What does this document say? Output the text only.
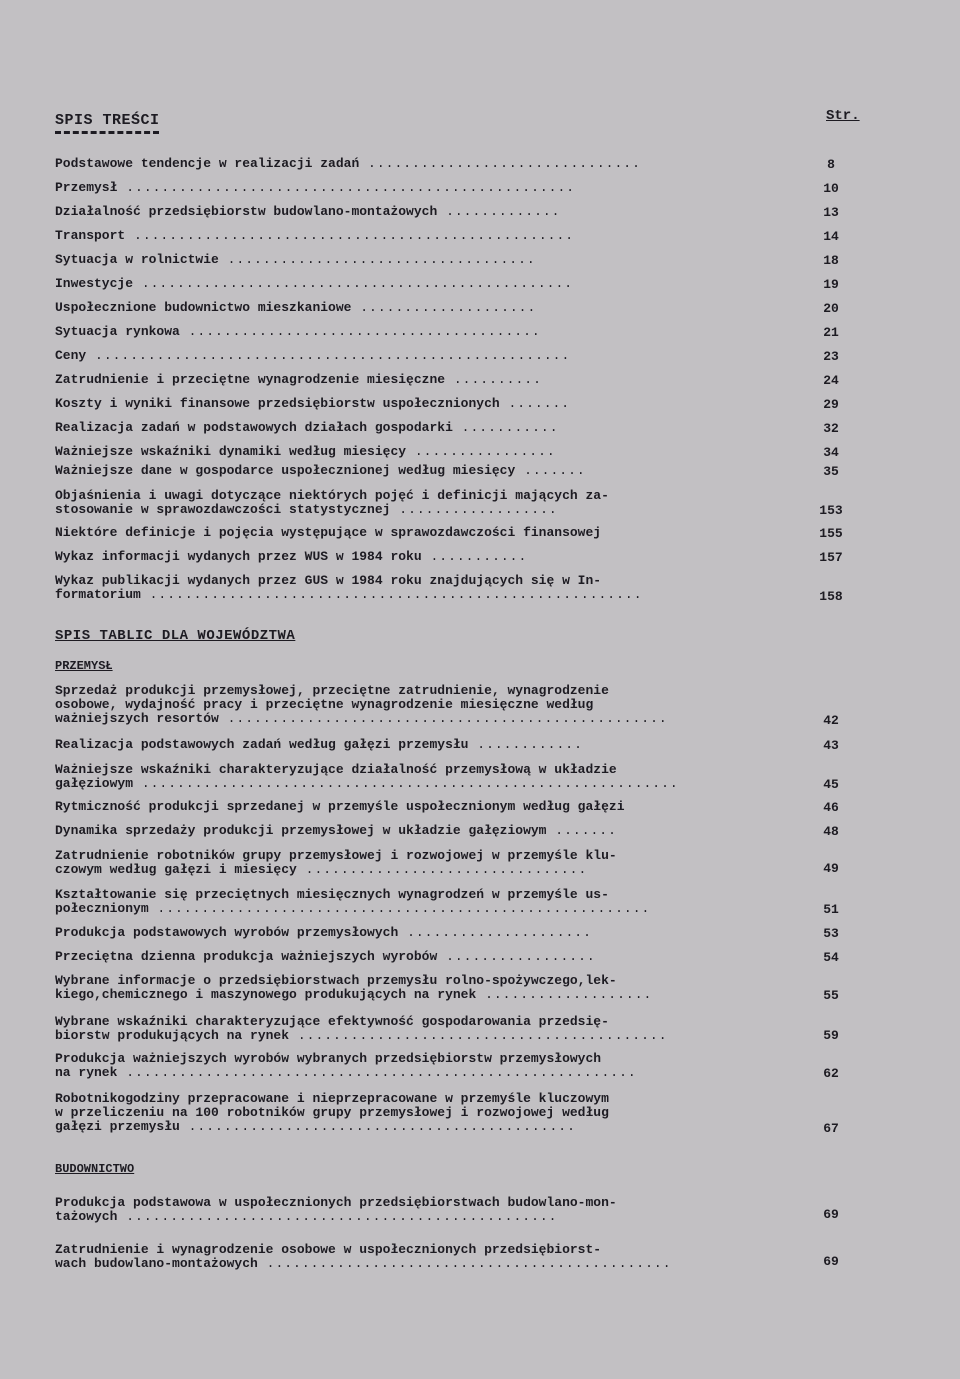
SPIS TREŚCI	Str.
Podstawowe tendencje w realizacji zadań ...............................	8
Przemysł ...................................................	10
Działalność przedsiębiorstw budowlano-montażowych .............	13
Transport ..................................................	14
Sytuacja w rolnictwie ...................................	18
Inwestycje .................................................	19
Uspołecznione budownictwo mieszkaniowe ....................	20
Sytuacja rynkowa ........................................	21
Ceny ......................................................	23
Zatrudnienie i przeciętne wynagrodzenie miesięczne ..........	24
Koszty i wyniki finansowe przedsiębiorstw uspołecznionych .......	29
Realizacja zadań w podstawowych działach gospodarki ...........	32
Ważniejsze wskaźniki dynamiki według miesięcy ................	34
Ważniejsze dane w gospodarce uspołecznionej według miesięcy .......	35
Objaśnienia i uwagi dotyczące niektórych pojęć i definicji mających za-
stosowanie w sprawozdawczości statystycznej ..................	153
Niektóre definicje i pojęcia występujące w sprawozdawczości finansowej	155
Wykaz informacji wydanych przez WUS w 1984 roku ...........	157
Wykaz publikacji wydanych przez GUS w 1984 roku znajdujących się w In-
formatorium ........................................................	158
SPIS TABLIC DLA WOJEWÓDZTWA
PRZEMYSŁ
Sprzedaż produkcji przemysłowej, przeciętne zatrudnienie, wynagrodzenie
osobowe, wydajność pracy i przeciętne wynagrodzenie miesięczne według
ważniejszych resortów ..................................................	42
Realizacja podstawowych zadań według gałęzi przemysłu ............	43
Ważniejsze wskaźniki charakteryzujące działalność przemysłową w układzie
gałęziowym .............................................................	45
Rytmiczność produkcji sprzedanej w przemyśle uspołecznionym według gałęzi	46
Dynamika sprzedaży produkcji przemysłowej w układzie gałęziowym .......	48
Zatrudnienie robotników grupy przemysłowej i rozwojowej w przemyśle klu-
czowym według gałęzi i miesięcy ................................	49
Kształtowanie się przeciętnych miesięcznych wynagrodzeń w przemyśle us-
połecznionym ........................................................	51
Produkcja podstawowych wyrobów przemysłowych .....................	53
Przeciętna dzienna produkcja ważniejszych wyrobów .................	54
Wybrane informacje o przedsiębiorstwach przemysłu rolno-spożywczego,lek-
kiego,chemicznego i maszynowego produkujących na rynek ...................	55
Wybrane wskaźniki charakteryzujące efektywność gospodarowania przedsię-
biorstw produkujących na rynek ..........................................	59
Produkcja ważniejszych wyrobów wybranych przedsiębiorstw przemysłowych
na rynek ..........................................................	62
Robotnikogodziny przepracowane i nieprzepracowane w przemyśle kluczowym
w przeliczeniu na 100 robotników grupy przemysłowej i rozwojowej według
gałęzi przemysłu ............................................	67
BUDOWNICTWO
Produkcja podstawowa w uspołecznionych przedsiębiorstwach budowlano-mon-
tażowych .................................................	69
Zatrudnienie i wynagrodzenie osobowe w uspołecznionych przedsiębiorst-
wach budowlano-montażowych ..............................................	69
